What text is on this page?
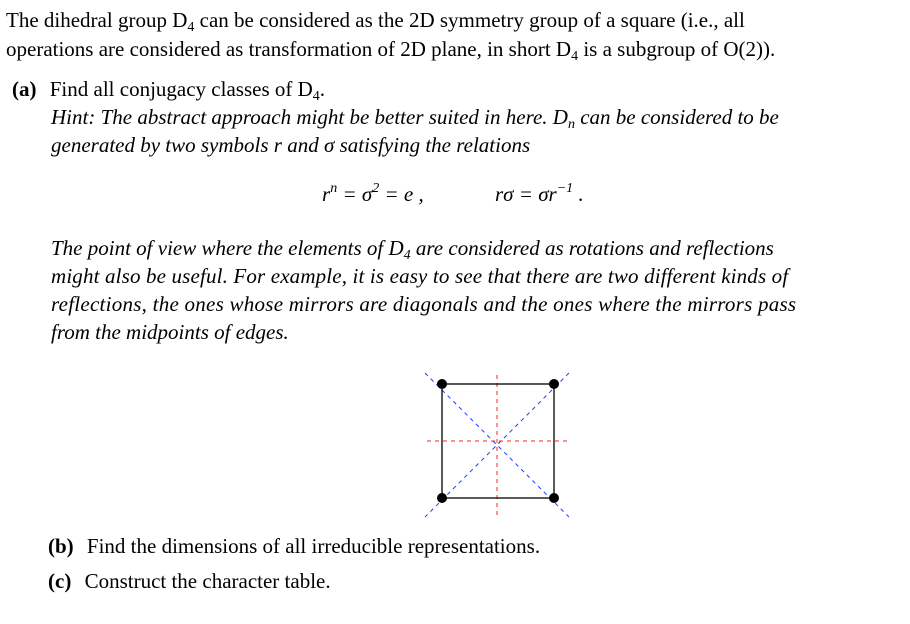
The dihedral group $D_4$ can be considered as the 2D symmetry group of a square (i.e., all
operations are considered as transformation of 2D plane, in short $D_4$ is a subgroup of O(2)).
(a) Find all conjugacy classes of $D_4$.
Hint: The abstract approach might be better suited in here. $D_n$ can be considered to be
generated by two symbols r and σ satisfying the relations
$r^n = \sigma^2 = e$ ,	$r\sigma = \sigma r^{-1}$ .
The point of view where the elements of $D_4$ are considered as rotations and reflections
might also be useful. For example, it is easy to see that there are two different kinds of
reflections, the ones whose mirrors are diagonals and the ones where the mirrors pass
from the midpoints of edges.
(b) Find the dimensions of all irreducible representations.
(c) Construct the character table.
